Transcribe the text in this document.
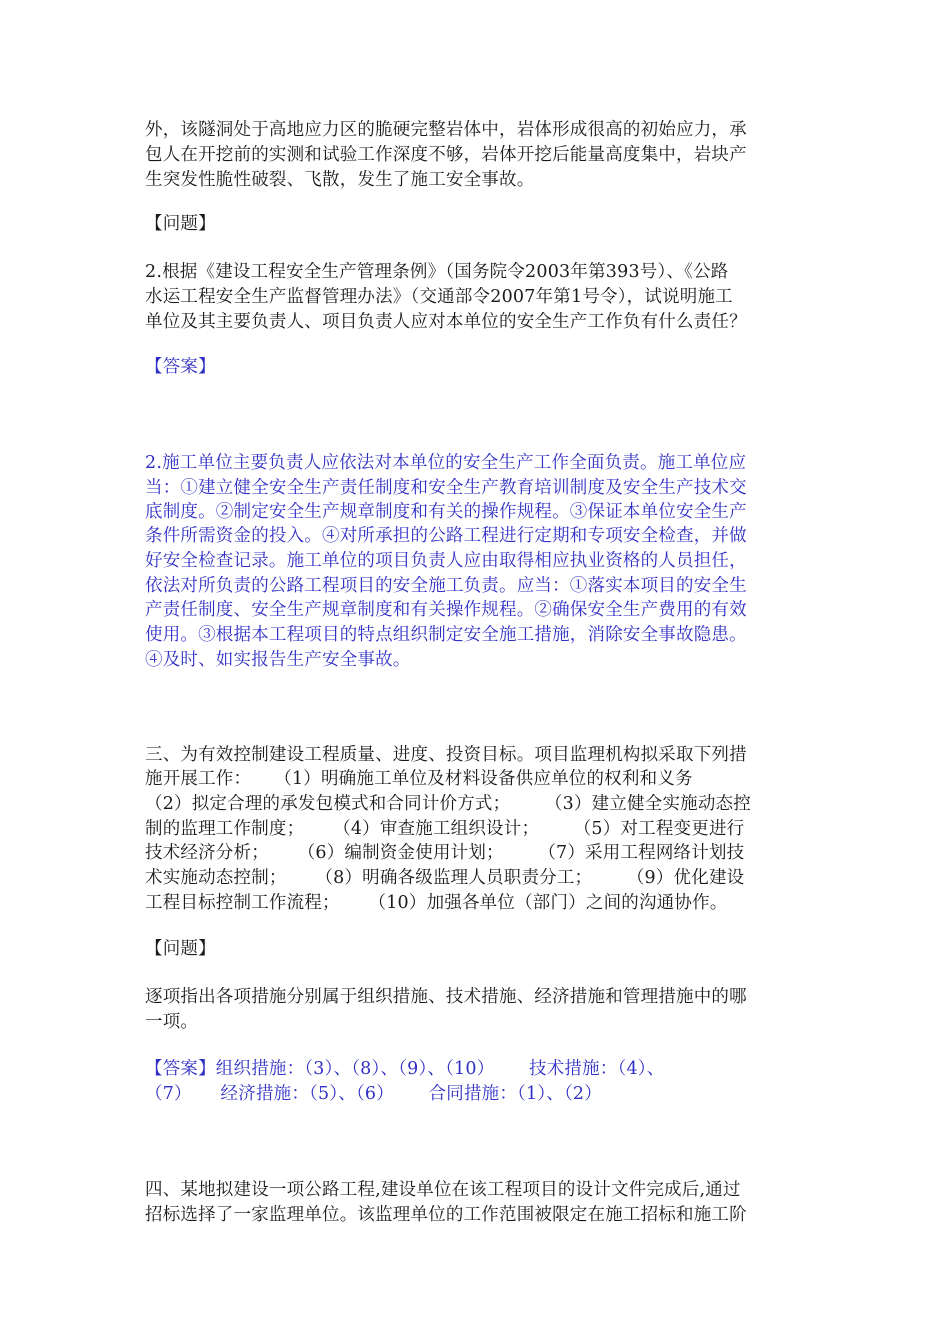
外，该隧洞处于高地应力区的脆硬完整岩体中，岩体形成很高的初始应力，承
包人在开挖前的实测和试验工作深度不够，岩体开挖后能量高度集中，岩块产
生突发性脆性破裂、飞散，发生了施工安全事故。
【问题】
2.根据《建设工程安全生产管理条例》（国务院令2003年第393号）、《公路
水运工程安全生产监督管理办法》（交通部令2007年第1号令），试说明施工
单位及其主要负责人、项目负责人应对本单位的安全生产工作负有什么责任？
【答案】
2.施工单位主要负责人应依法对本单位的安全生产工作全面负责。施工单位应
当：①建立健全安全生产责任制度和安全生产教育培训制度及安全生产技术交
底制度。②制定安全生产规章制度和有关的操作规程。③保证本单位安全生产
条件所需资金的投入。④对所承担的公路工程进行定期和专项安全检查，并做
好安全检查记录。施工单位的项目负责人应由取得相应执业资格的人员担任，
依法对所负责的公路工程项目的安全施工负责。应当：①落实本项目的安全生
产责任制度、安全生产规章制度和有关操作规程。②确保安全生产费用的有效
使用。③根据本工程项目的特点组织制定安全施工措施，消除安全事故隐患。
④及时、如实报告生产安全事故。
三、为有效控制建设工程质量、进度、投资目标。项目监理机构拟采取下列措
施开展工作：    （1）明确施工单位及材料设备供应单位的权利和义务
（2）拟定合理的承发包模式和合同计价方式；      （3）建立健全实施动态控
制的监理工作制度；     （4）审查施工组织设计；      （5）对工程变更进行
技术经济分析；     （6）编制资金使用计划；      （7）采用工程网络计划技
术实施动态控制；     （8）明确各级监理人员职责分工；      （9）优化建设
工程目标控制工作流程；     （10）加强各单位（部门）之间的沟通协作。
【问题】
逐项指出各项措施分别属于组织措施、技术措施、经济措施和管理措施中的哪
一项。
【答案】组织措施：（3）、（8）、（9）、（10）      技术措施：（4）、
（7）     经济措施：（5）、（6）      合同措施：（1）、（2）
四、某地拟建设一项公路工程,建设单位在该工程项目的设计文件完成后,通过
招标选择了一家监理单位。该监理单位的工作范围被限定在施工招标和施工阶
